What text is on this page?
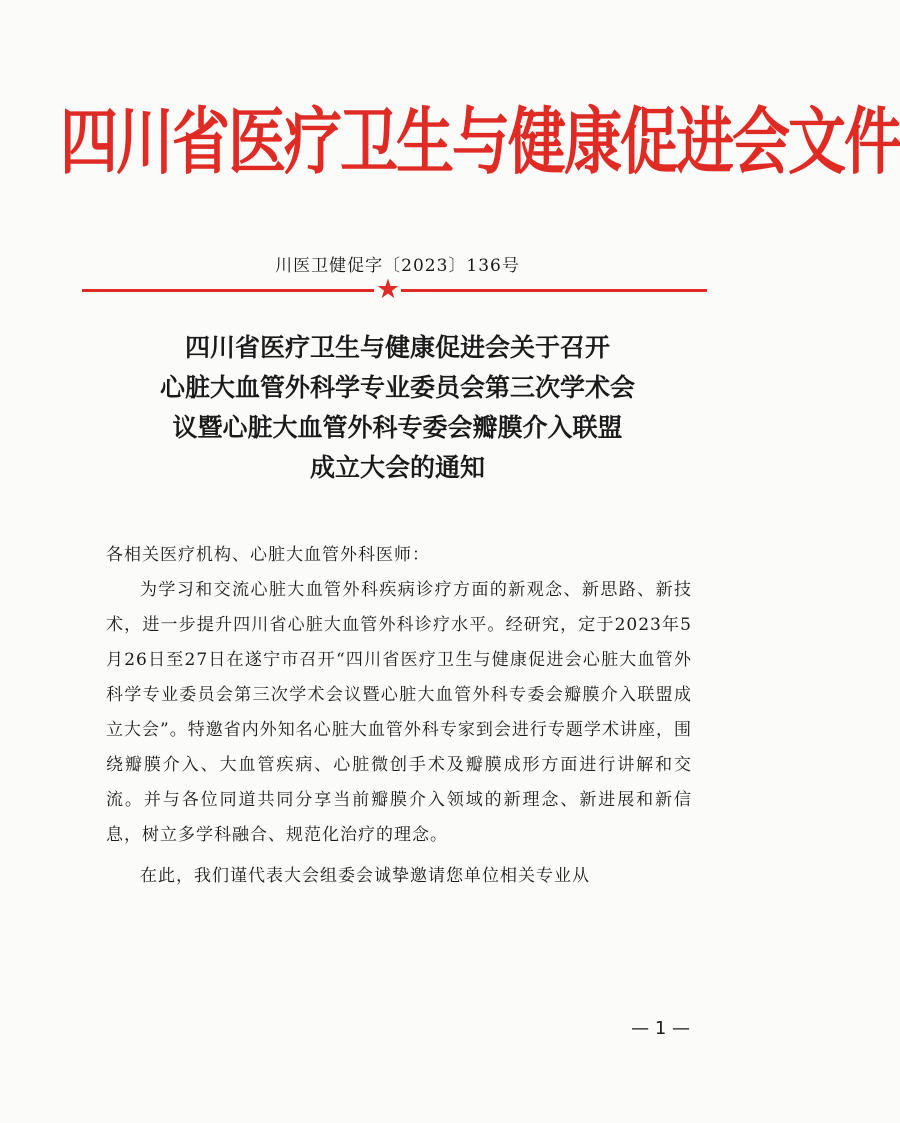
四川省医疗卫生与健康促进会文件
川医卫健促字〔2023〕136号
★
四川省医疗卫生与健康促进会关于召开
心脏大血管外科学专业委员会第三次学术会
议暨心脏大血管外科专委会瓣膜介入联盟
成立大会的通知

各相关医疗机构、心脏大血管外科医师：

为学习和交流心脏大血管外科疾病诊疗方面的新观念、新思路、新技术，进一步提升四川省心脏大血管外科诊疗水平。经研究，定于2023年5月26日至27日在遂宁市召开“四川省医疗卫生与健康促进会心脏大血管外科学专业委员会第三次学术会议暨心脏大血管外科专委会瓣膜介入联盟成立大会”。特邀省内外知名心脏大血管外科专家到会进行专题学术讲座，围绕瓣膜介入、大血管疾病、心脏微创手术及瓣膜成形方面进行讲解和交流。并与各位同道共同分享当前瓣膜介入领域的新理念、新进展和新信息，树立多学科融合、规范化治疗的理念。

在此，我们谨代表大会组委会诚挚邀请您单位相关专业从

— 1 —
